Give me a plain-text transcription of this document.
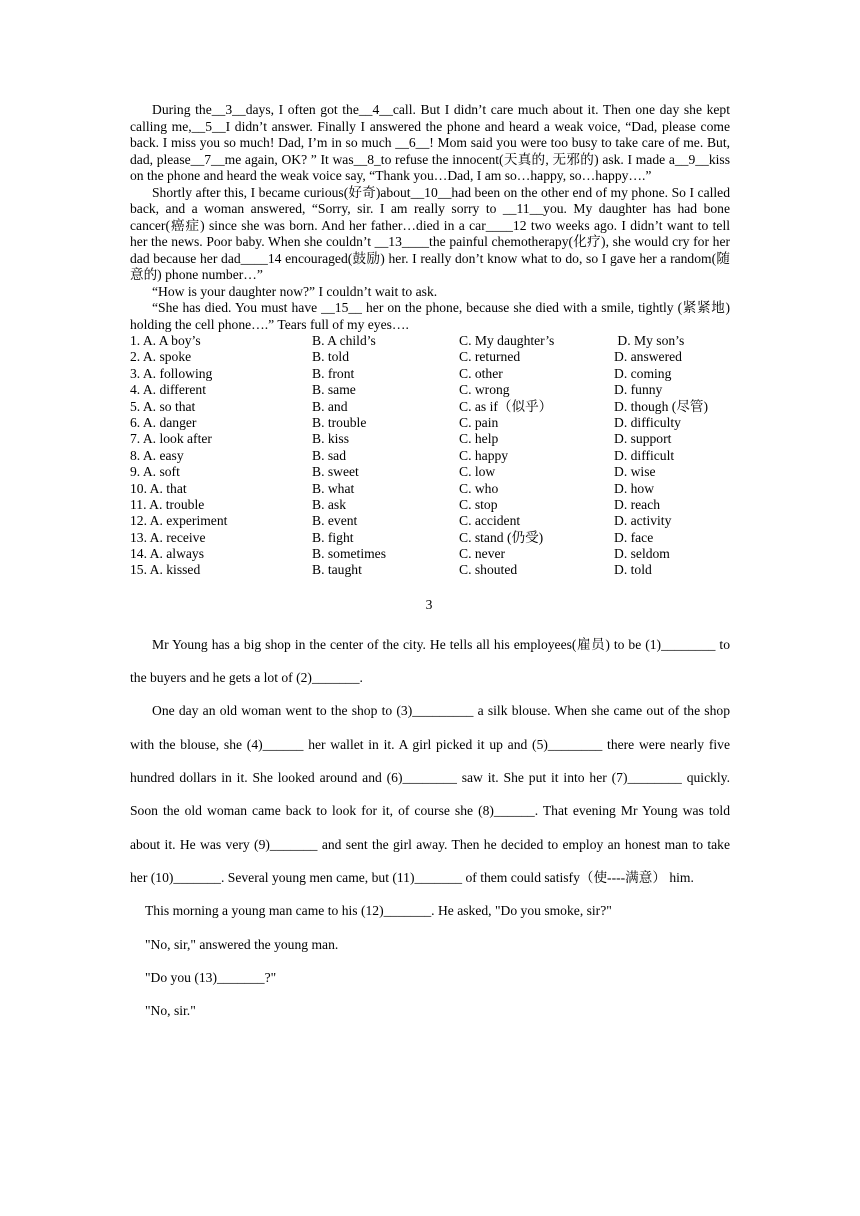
During the__3__days, I often got the__4__call. But I didn’t care much about it. Then one day she kept calling me,__5__I didn’t answer. Finally I answered the phone and heard a weak voice, “Dad, please come back. I miss you so much! Dad, I’m in so much __6__! Mom said you were too busy to take care of me. But, dad, please__7__me again, OK? ” It was__8_to refuse the innocent(天真的, 无邪的) ask. I made a__9__kiss on the phone and heard the weak voice say, “Thank you…Dad, I am so…happy, so…happy….”

Shortly after this, I became curious(好奇)about__10__had been on the other end of my phone. So I called back, and a woman answered, “Sorry, sir. I am really sorry to __11__you. My daughter has had bone cancer(癌症) since she was born. And her father…died in a car____12 two weeks ago. I didn’t want to tell her the news. Poor baby. When she couldn’t __13____the painful chemotherapy(化疗), she would cry for her dad because her dad____14 encouraged(鼓励) her. I really don’t know what to do, so I gave her a random(随意的) phone number…”

“How is your daughter now?” I couldn’t wait to ask.

“She has died. You must have __15__ her on the phone, because she died with a smile, tightly (紧紧地) holding the cell phone….” Tears full of my eyes….

1. A. A boy’s	B. A child’s	C. My daughter’s	D. My son’s
2. A. spoke	B. told	C. returned	D. answered
3. A. following	B. front	C. other	D. coming
4. A. different	B. same	C. wrong	D. funny
5. A. so that	B. and	C. as if（似乎）	D. though (尽管)
6. A. danger	B. trouble	C. pain	D. difficulty
7. A. look after	B. kiss	C. help	D. support
8. A. easy	B. sad	C. happy	D. difficult
9. A. soft	B. sweet	C. low	D. wise
10. A. that	B. what	C. who	D. how
11. A. trouble	B. ask	C. stop	D. reach
12. A. experiment	B. event	C. accident	D. activity
13. A. receive	B. fight	C. stand (仍受)	D. face
14. A. always	B. sometimes	C. never	D. seldom
15. A. kissed	B. taught	C. shouted	D. told
3

Mr Young has a big shop in the center of the city. He tells all his employees(雇员) to be (1)________ to the buyers and he gets a lot of (2)_______.

One day an old woman went to the shop to (3)_________ a silk blouse. When she came out of the shop with the blouse, she (4)______ her wallet in it. A girl picked it up and (5)________ there were nearly five hundred dollars in it. She looked around and (6)________ saw it. She put it into her (7)________ quickly. Soon the old woman came back to look for it, of course she (8)______. That evening Mr Young was told about it. He was very (9)_______ and sent the girl away. Then he decided to employ an honest man to take her (10)_______. Several young men came, but (11)_______ of them could satisfy（使----满意） him.

This morning a young man came to his (12)_______. He asked, "Do you smoke, sir?"

"No, sir," answered the young man.

"Do you (13)_______?"

"No, sir."
